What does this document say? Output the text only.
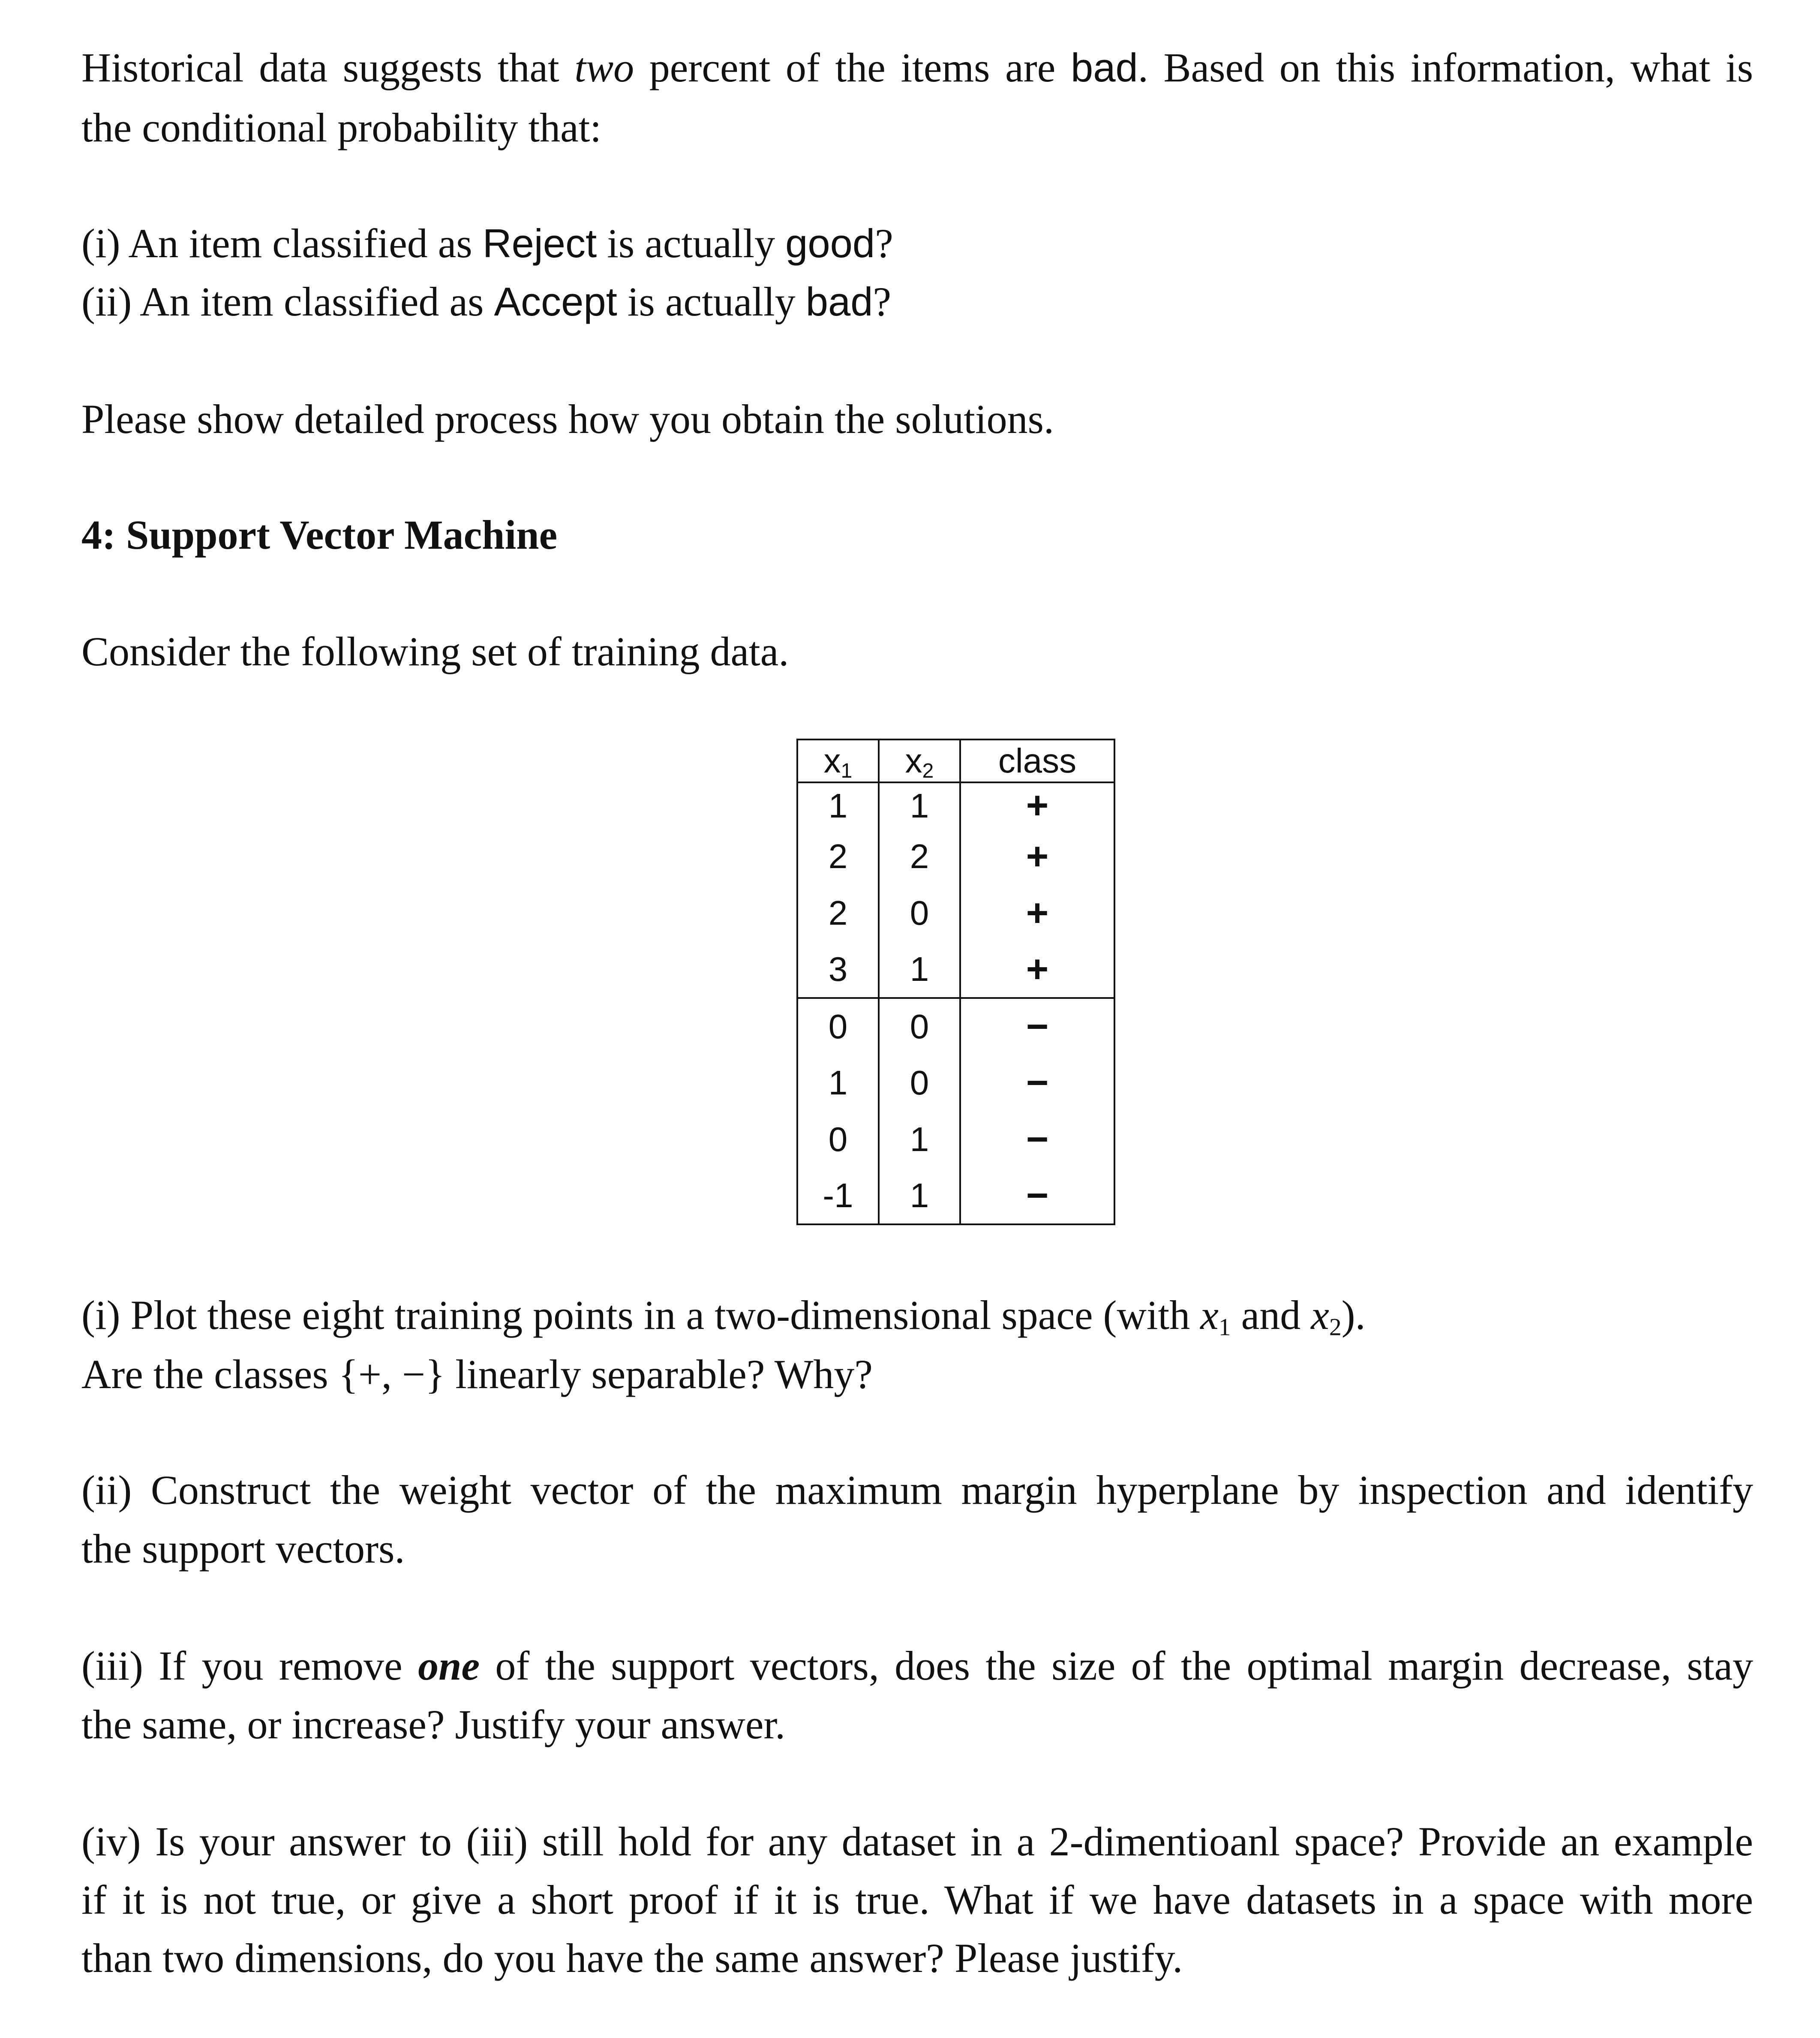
Historical data suggests that two percent of the items are bad. Based on this information, what is
the conditional probability that:
(i) An item classified as Reject is actually good?
(ii) An item classified as Accept is actually bad?
Please show detailed process how you obtain the solutions.
4: Support Vector Machine
Consider the following set of training data.
(i) Plot these eight training points in a two-dimensional space (with $x_1$ and $x_2$).
Are the classes {+, −} linearly separable? Why?
(ii) Construct the weight vector of the maximum margin hyperplane by inspection and identify
the support vectors.
(iii) If you remove one of the support vectors, does the size of the optimal margin decrease, stay
the same, or increase? Justify your answer.
(iv) Is your answer to (iii) still hold for any dataset in a 2-dimentioanl space? Provide an example
if it is not true, or give a short proof if it is true. What if we have datasets in a space with more
than two dimensions, do you have the same answer? Please justify.
$x_1$	$x_2$	class
1	1	+
2	2	+
2	0	+
3	1	+
0	0	−
1	0	−
0	1	−
-1	1	−
